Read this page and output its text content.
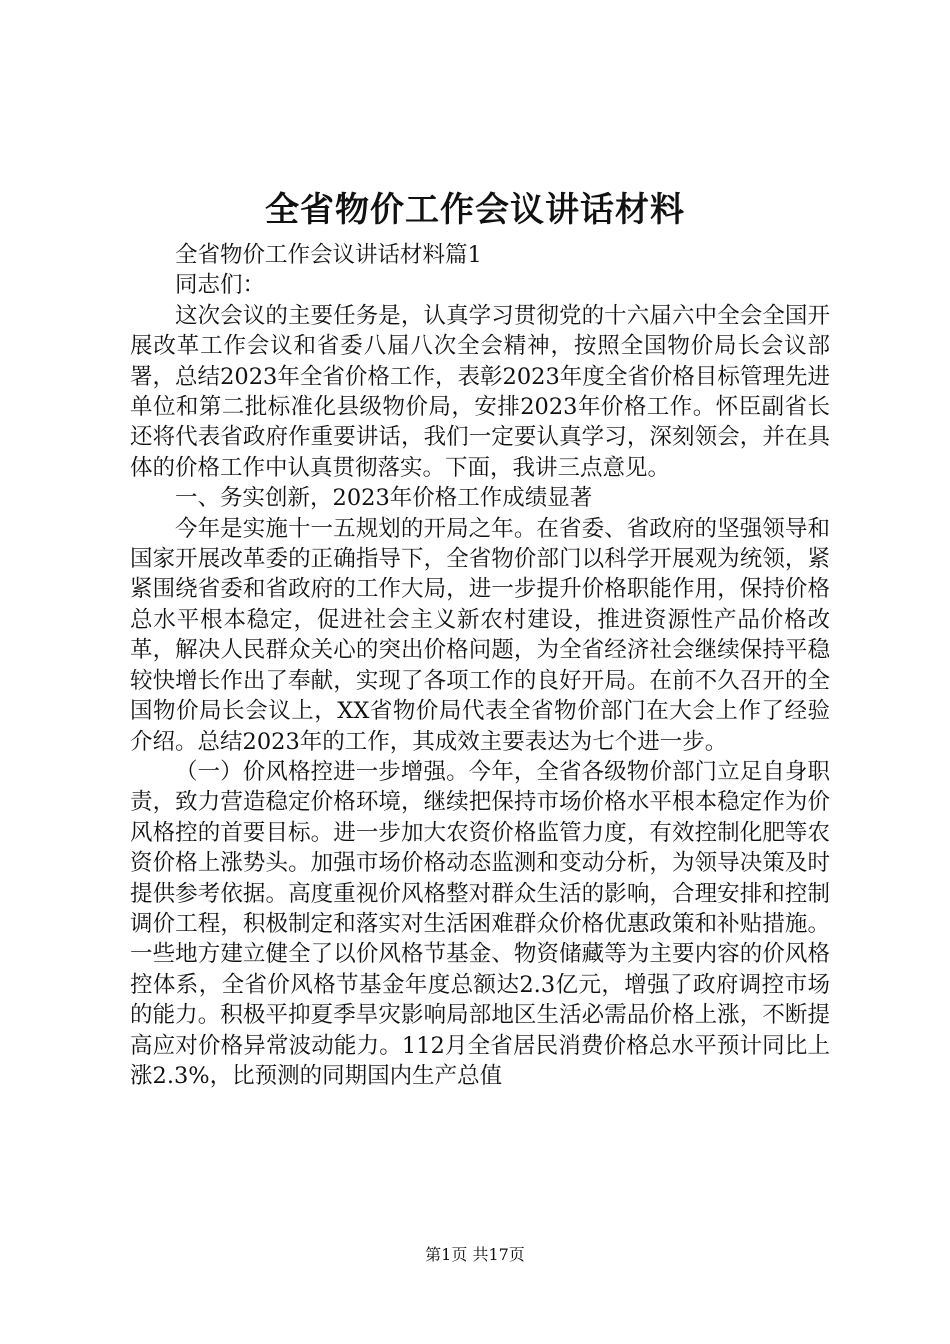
全省物价工作会议讲话材料

全省物价工作会议讲话材料篇1

同志们：

这次会议的主要任务是，认真学习贯彻党的十六届六中全会全国开展改革工作会议和省委八届八次全会精神，按照全国物价局长会议部署，总结2023年全省价格工作，表彰2023年度全省价格目标管理先进单位和第二批标准化县级物价局，安排2023年价格工作。怀臣副省长还将代表省政府作重要讲话，我们一定要认真学习，深刻领会，并在具体的价格工作中认真贯彻落实。下面，我讲三点意见。

一、务实创新，2023年价格工作成绩显著

今年是实施十一五规划的开局之年。在省委、省政府的坚强领导和国家开展改革委的正确指导下，全省物价部门以科学开展观为统领，紧紧围绕省委和省政府的工作大局，进一步提升价格职能作用，保持价格总水平根本稳定，促进社会主义新农村建设，推进资源性产品价格改革，解决人民群众关心的突出价格问题，为全省经济社会继续保持平稳较快增长作出了奉献，实现了各项工作的良好开局。在前不久召开的全国物价局长会议上，XX省物价局代表全省物价部门在大会上作了经验介绍。总结2023年的工作，其成效主要表达为七个进一步。

（一）价风格控进一步增强。今年，全省各级物价部门立足自身职责，致力营造稳定价格环境，继续把保持市场价格水平根本稳定作为价风格控的首要目标。进一步加大农资价格监管力度，有效控制化肥等农资价格上涨势头。加强市场价格动态监测和变动分析，为领导决策及时提供参考依据。高度重视价风格整对群众生活的影响，合理安排和控制调价工程，积极制定和落实对生活困难群众价格优惠政策和补贴措施。一些地方建立健全了以价风格节基金、物资储藏等为主要内容的价风格控体系，全省价风格节基金年度总额达2.3亿元，增强了政府调控市场的能力。积极平抑夏季旱灾影响局部地区生活必需品价格上涨，不断提高应对价格异常波动能力。112月全省居民消费价格总水平预计同比上涨2.3%，比预测的同期国内生产总值

第1页 共17页
